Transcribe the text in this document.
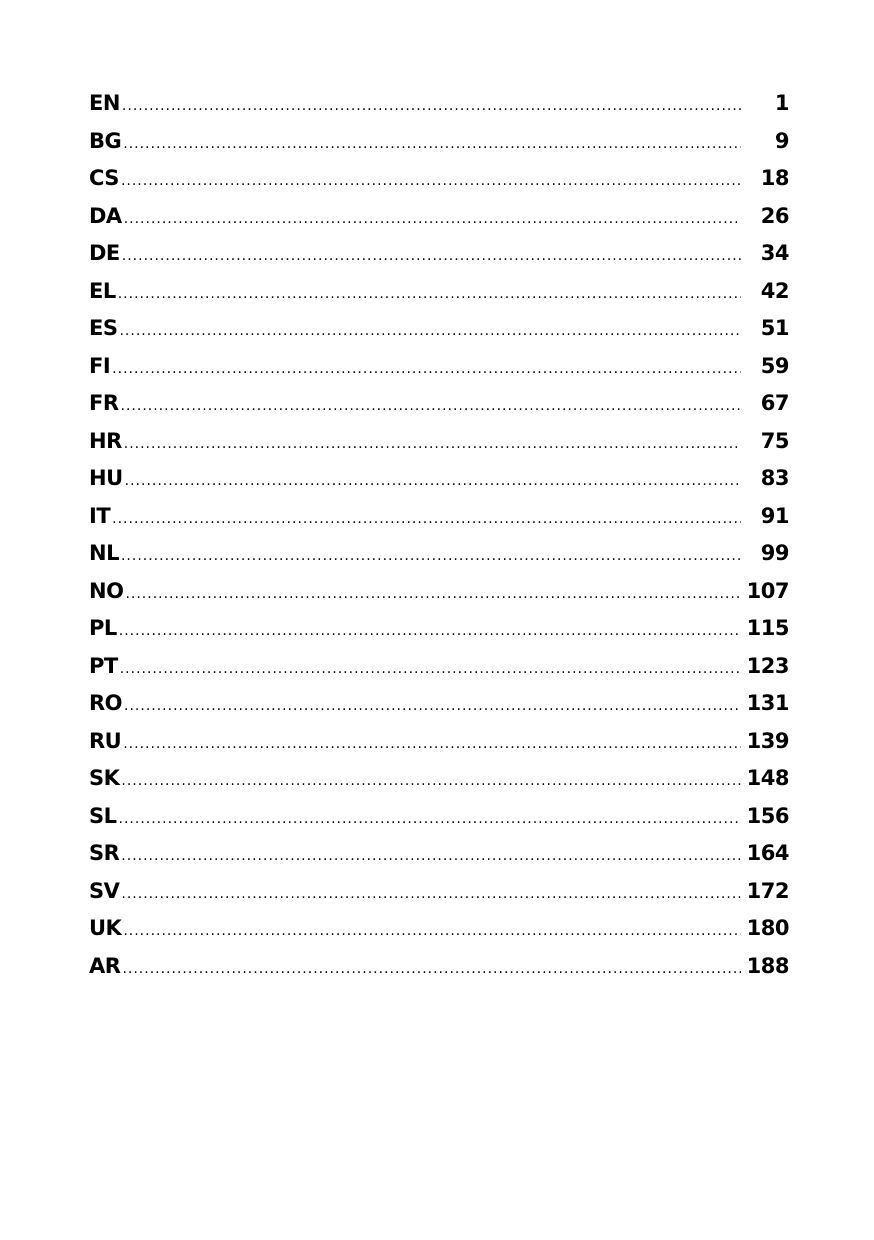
EN .....	1
BG .....	9
CS .....	18
DA .....	26
DE .....	34
EL .....	42
ES .....	51
FI .....	59
FR .....	67
HR .....	75
HU .....	83
IT .....	91
NL .....	99
NO .....	107
PL .....	115
PT .....	123
RO .....	131
RU .....	139
SK .....	148
SL .....	156
SR .....	164
SV .....	172
UK .....	180
AR .....	188
